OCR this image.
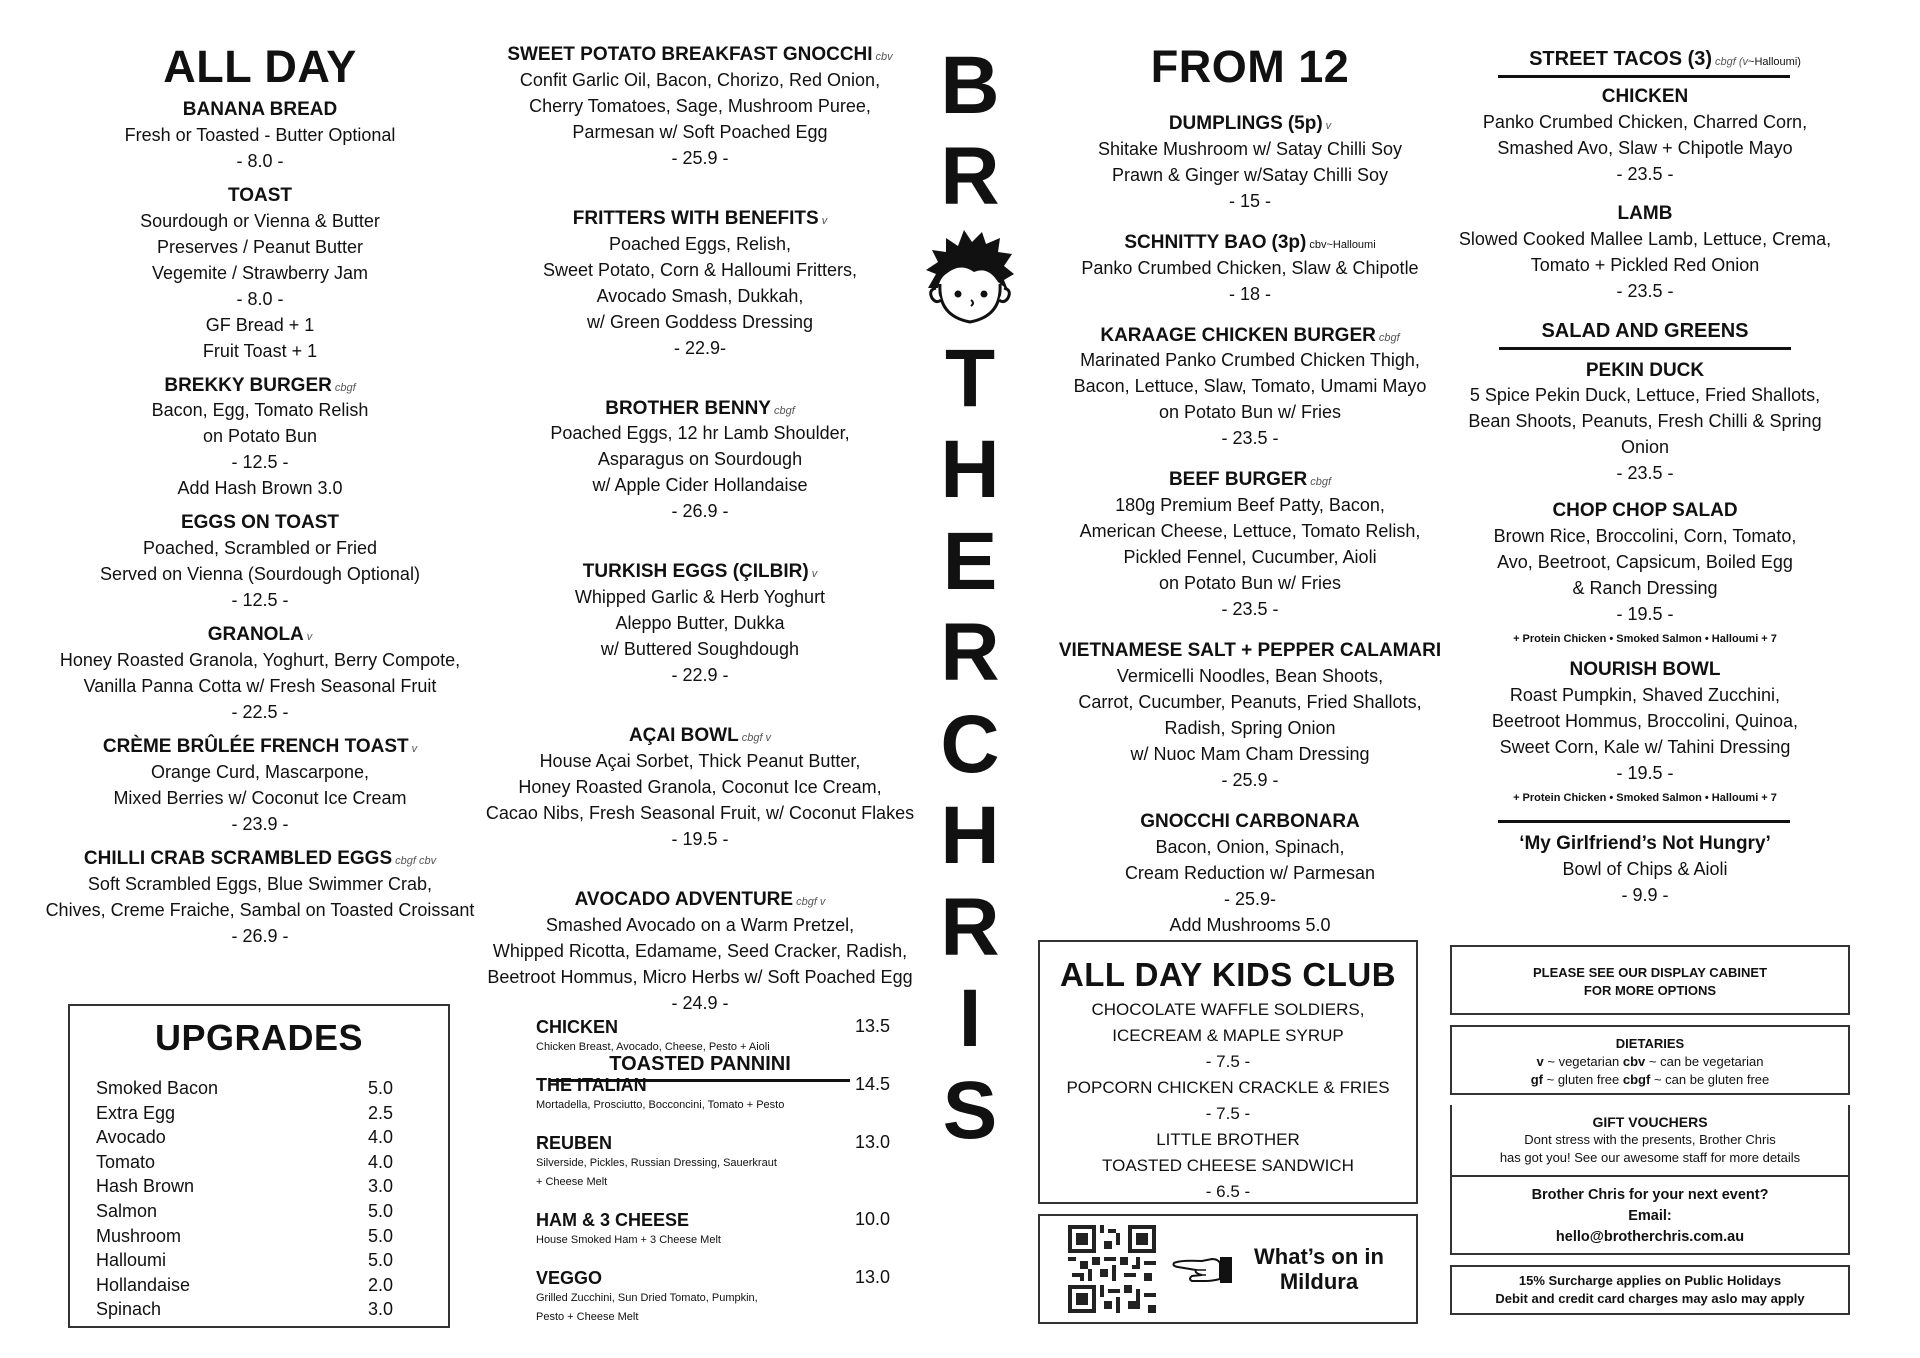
ALL DAY
BANANA BREAD
Fresh or Toasted - Butter Optional
- 8.0 -
TOAST
Sourdough or Vienna & Butter
Preserves / Peanut Butter
Vegemite / Strawberry Jam
- 8.0 -
GF Bread + 1
Fruit Toast + 1
BREKKY BURGER cbgf
Bacon, Egg, Tomato Relish
on Potato Bun
- 12.5 -
Add Hash Brown 3.0
EGGS ON TOAST
Poached, Scrambled or Fried
Served on Vienna (Sourdough Optional)
- 12.5 -
GRANOLA v
Honey Roasted Granola, Yoghurt, Berry Compote,
Vanilla Panna Cotta w/ Fresh Seasonal Fruit
- 22.5 -
CRÈME BRÛLÉE FRENCH TOAST v
Orange Curd, Mascarpone,
Mixed Berries w/ Coconut Ice Cream
- 23.9 -
CHILLI CRAB SCRAMBLED EGGS cbgf cbv
Soft Scrambled Eggs, Blue Swimmer Crab,
Chives, Creme Fraiche, Sambal on Toasted Croissant
- 26.9 -
UPGRADES
Smoked Bacon	5.0
Extra Egg	2.5
Avocado	4.0
Tomato	4.0
Hash Brown	3.0
Salmon	5.0
Mushroom	5.0
Halloumi	5.0
Hollandaise	2.0
Spinach	3.0
SWEET POTATO BREAKFAST GNOCCHI cbv
Confit Garlic Oil, Bacon, Chorizo, Red Onion,
Cherry Tomatoes, Sage, Mushroom Puree,
Parmesan w/ Soft Poached Egg
- 25.9 -
FRITTERS WITH BENEFITS v
Poached Eggs, Relish,
Sweet Potato, Corn & Halloumi Fritters,
Avocado Smash, Dukkah,
w/ Green Goddess Dressing
- 22.9-
BROTHER BENNY cbgf
Poached Eggs, 12 hr Lamb Shoulder,
Asparagus on Sourdough
w/ Apple Cider Hollandaise
- 26.9 -
TURKISH EGGS (ÇILBIR) v
Whipped Garlic & Herb Yoghurt
Aleppo Butter, Dukka
w/ Buttered Soughdough
- 22.9 -
AÇAI BOWL cbgf v
House Açai Sorbet, Thick Peanut Butter,
Honey Roasted Granola, Coconut Ice Cream,
Cacao Nibs, Fresh Seasonal Fruit, w/ Coconut Flakes
- 19.5 -
AVOCADO ADVENTURE cbgf v
Smashed Avocado on a Warm Pretzel,
Whipped Ricotta, Edamame, Seed Cracker, Radish,
Beetroot Hommus, Micro Herbs w/ Soft Poached Egg
- 24.9 -
TOASTED PANNINI
CHICKEN	13.5
Chicken Breast, Avocado, Cheese, Pesto + Aioli
THE ITALIAN	14.5
Mortadella, Prosciutto, Bocconcini, Tomato + Pesto
REUBEN	13.0
Silverside, Pickles, Russian Dressing, Sauerkraut
+ Cheese Melt
HAM & 3 CHEESE	10.0
House Smoked Ham + 3 Cheese Melt
VEGGO	13.0
Grilled Zucchini, Sun Dried Tomato, Pumpkin,
Pesto + Cheese Melt
B
R
T
H
E
R
C
H
R
I
S
FROM 12
DUMPLINGS (5p) v
Shitake Mushroom w/ Satay Chilli Soy
Prawn & Ginger w/Satay Chilli Soy
- 15 -
SCHNITTY BAO (3p) cbv~Halloumi
Panko Crumbed Chicken, Slaw & Chipotle
- 18 -
KARAAGE CHICKEN BURGER cbgf
Marinated Panko Crumbed Chicken Thigh,
Bacon, Lettuce, Slaw, Tomato, Umami Mayo
on Potato Bun w/ Fries
- 23.5 -
BEEF BURGER cbgf
180g Premium Beef Patty, Bacon,
American Cheese, Lettuce, Tomato Relish,
Pickled Fennel, Cucumber, Aioli
on Potato Bun w/ Fries
- 23.5 -
VIETNAMESE SALT + PEPPER CALAMARI
Vermicelli Noodles, Bean Shoots,
Carrot, Cucumber, Peanuts, Fried Shallots,
Radish, Spring Onion
w/ Nuoc Mam Cham Dressing
- 25.9 -
GNOCCHI CARBONARA
Bacon, Onion, Spinach,
Cream Reduction w/ Parmesan
- 25.9-
Add Mushrooms 5.0
ALL DAY KIDS CLUB
CHOCOLATE WAFFLE SOLDIERS,
ICECREAM & MAPLE SYRUP
- 7.5 -
POPCORN CHICKEN CRACKLE & FRIES
- 7.5 -
LITTLE BROTHER
TOASTED CHEESE SANDWICH
- 6.5 -
What’s on in
Mildura
STREET TACOS (3) cbgf (v~Halloumi)
CHICKEN
Panko Crumbed Chicken, Charred Corn,
Smashed Avo, Slaw + Chipotle Mayo
- 23.5 -
LAMB
Slowed Cooked Mallee Lamb, Lettuce, Crema,
Tomato + Pickled Red Onion
- 23.5 -
SALAD AND GREENS
PEKIN DUCK
5 Spice Pekin Duck, Lettuce, Fried Shallots,
Bean Shoots, Peanuts, Fresh Chilli & Spring Onion
- 23.5 -
CHOP CHOP SALAD
Brown Rice, Broccolini, Corn, Tomato,
Avo, Beetroot, Capsicum, Boiled Egg
& Ranch Dressing
- 19.5 -
+ Protein Chicken • Smoked Salmon • Halloumi + 7
NOURISH BOWL
Roast Pumpkin, Shaved Zucchini,
Beetroot Hommus, Broccolini, Quinoa,
Sweet Corn, Kale w/ Tahini Dressing
- 19.5 -
+ Protein Chicken • Smoked Salmon • Halloumi + 7
‘My Girlfriend’s Not Hungry’
Bowl of Chips & Aioli
- 9.9 -
PLEASE SEE OUR DISPLAY CABINET
FOR MORE OPTIONS
DIETARIES
v ~ vegetarian cbv ~ can be vegetarian
gf ~ gluten free cbgf ~ can be gluten free
GIFT VOUCHERS
Dont stress with the presents, Brother Chris
has got you! See our awesome staff for more details
Brother Chris for your next event?
Email:
hello@brotherchris.com.au
15% Surcharge applies on Public Holidays
Debit and credit card charges may aslo may apply
